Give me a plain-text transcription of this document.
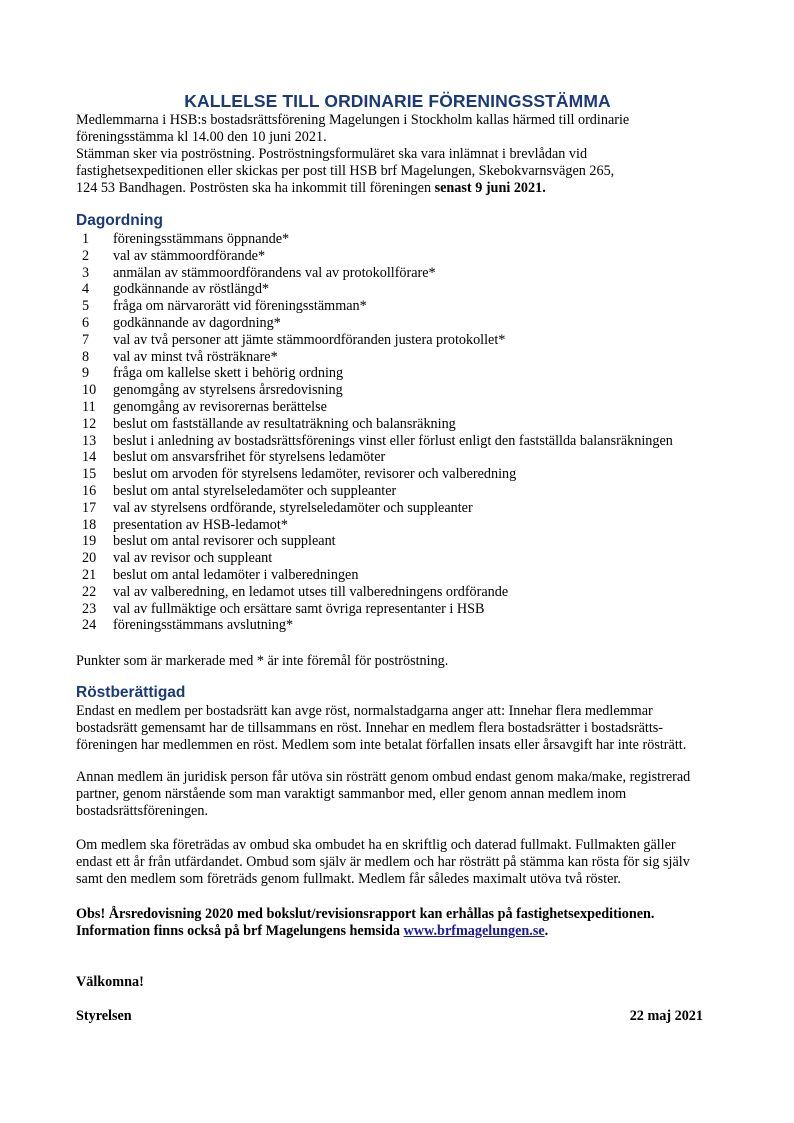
KALLELSE TILL ORDINARIE FÖRENINGSSTÄMMA

Medlemmarna i HSB:s bostadsrättsförening Magelungen i Stockholm kallas härmed till ordinarie

föreningsstämma kl 14.00 den 10 juni 2021.

Stämman sker via poströstning. Poströstningsformuläret ska vara inlämnat i brevlådan vid

fastighetsexpeditionen eller skickas per post till HSB brf Magelungen, Skebokvarnsvägen 265,

124 53 Bandhagen. Poströsten ska ha inkommit till föreningen senast 9 juni 2021.

Dagordning
1 föreningsstämmans öppnande*
2 val av stämmoordförande*
3 anmälan av stämmoordförandens val av protokollförare*
4 godkännande av röstlängd*
5 fråga om närvarorätt vid föreningsstämman*
6 godkännande av dagordning*
7 val av två personer att jämte stämmoordföranden justera protokollet*
8 val av minst två rösträknare*
9 fråga om kallelse skett i behörig ordning
10 genomgång av styrelsens årsredovisning
11 genomgång av revisorernas berättelse
12 beslut om fastställande av resultaträkning och balansräkning
13 beslut i anledning av bostadsrättsförenings vinst eller förlust enligt den fastställda balansräkningen
14 beslut om ansvarsfrihet för styrelsens ledamöter
15 beslut om arvoden för styrelsens ledamöter, revisorer och valberedning
16 beslut om antal styrelseledamöter och suppleanter
17 val av styrelsens ordförande, styrelseledamöter och suppleanter
18 presentation av HSB-ledamot*
19 beslut om antal revisorer och suppleant
20 val av revisor och suppleant
21 beslut om antal ledamöter i valberedningen
22 val av valberedning, en ledamot utses till valberedningens ordförande
23 val av fullmäktige och ersättare samt övriga representanter i HSB
24 föreningsstämmans avslutning*
Punkter som är markerade med * är inte föremål för poströstning.
Röstberättigad

Endast en medlem per bostadsrätt kan avge röst, normalstadgarna anger att: Innehar flera medlemmar

bostadsrätt gemensamt har de tillsammans en röst. Innehar en medlem flera bostadsrätter i bostadsrätts-

föreningen har medlemmen en röst. Medlem som inte betalat förfallen insats eller årsavgift har inte rösträtt.

Annan medlem än juridisk person får utöva sin rösträtt genom ombud endast genom maka/make, registrerad

partner, genom närstående som man varaktigt sammanbor med, eller genom annan medlem inom

bostadsrättsföreningen.

Om medlem ska företrädas av ombud ska ombudet ha en skriftlig och daterad fullmakt. Fullmakten gäller

endast ett år från utfärdandet. Ombud som själv är medlem och har rösträtt på stämma kan rösta för sig själv

samt den medlem som företräds genom fullmakt. Medlem får således maximalt utöva två röster.

Obs! Årsredovisning 2020 med bokslut/revisionsrapport kan erhållas på fastighetsexpeditionen.

Information finns också på brf Magelungens hemsida www.brfmagelungen.se.

Välkomna!
Styrelsen	22 maj 2021
